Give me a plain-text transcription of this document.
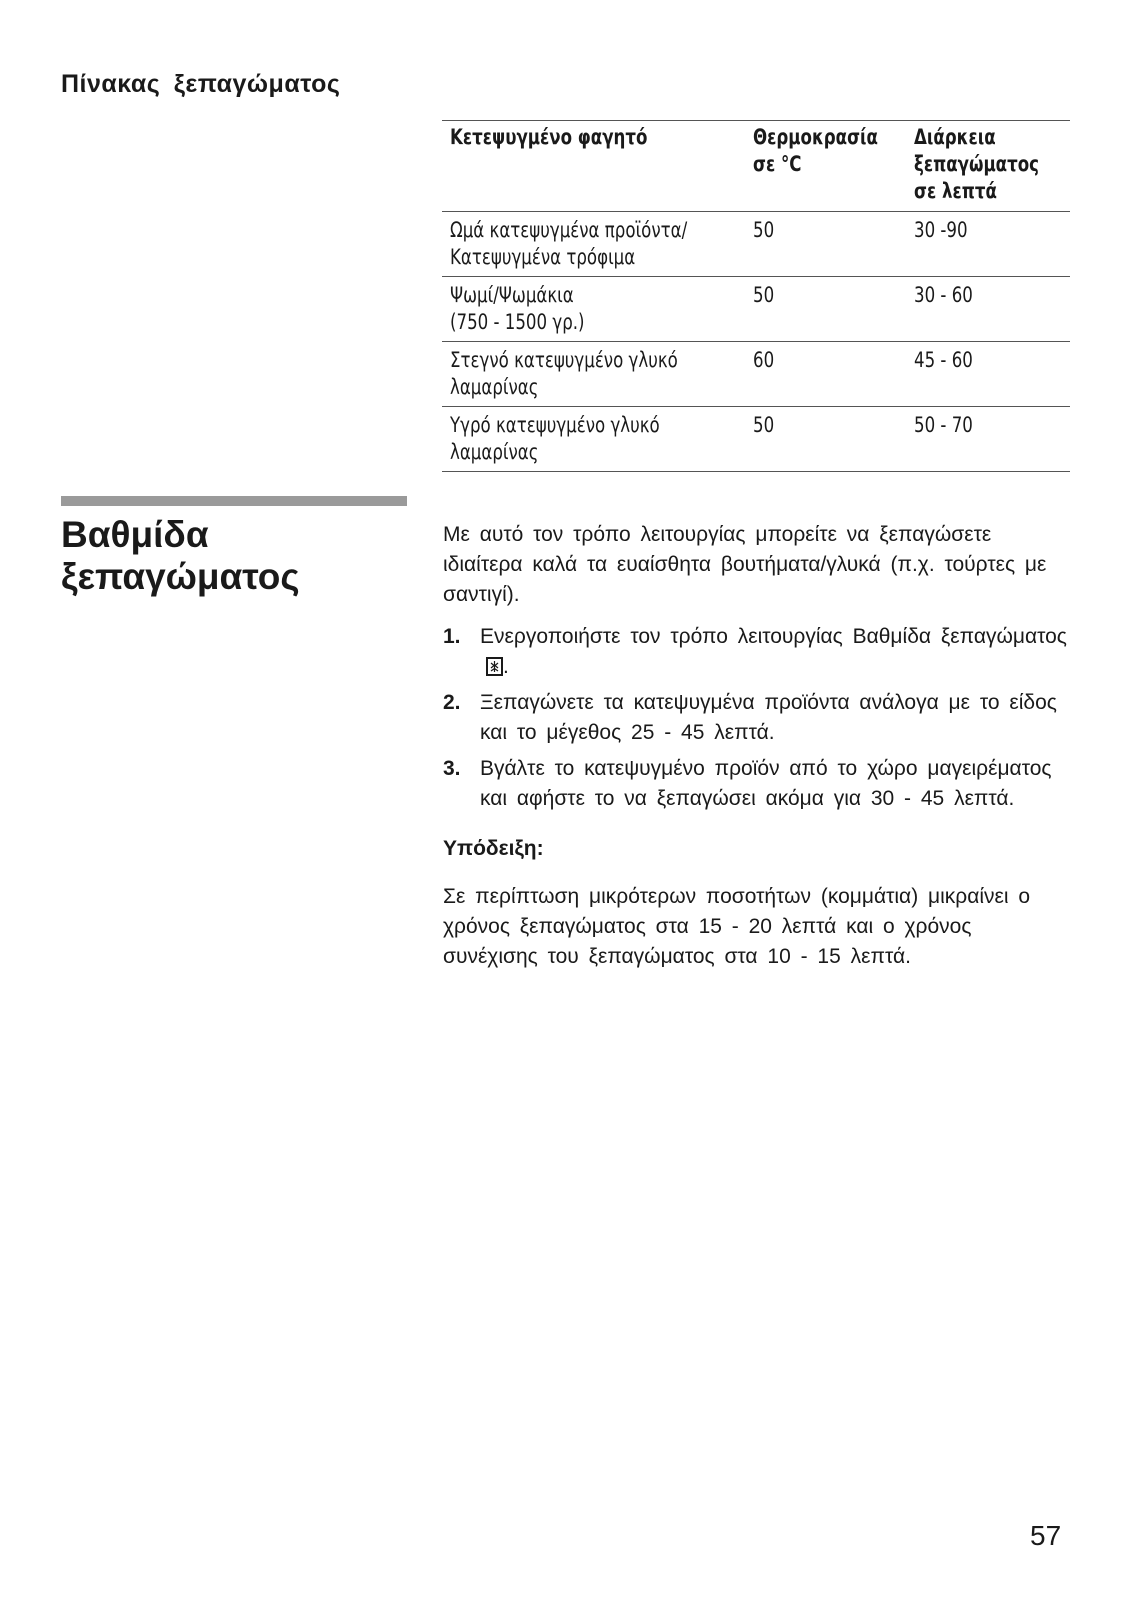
Πίνακας ξεπαγώματος
Κετεψυγμένο φαγητό	Θερμοκρασία σε °C	Διάρκεια ξεπαγώματος σε λεπτά
Ωμά κατεψυγμένα προϊόντα/ Κατεψυγμένα τρόφιμα	50	30 -90
Ψωμί/Ψωμάκια (750 - 1500 γρ.)	50	30 - 60
Στεγνό κατεψυγμένο γλυκό λαμαρίνας	60	45 - 60
Υγρό κατεψυγμένο γλυκό λαμαρίνας	50	50 - 70
Βαθμίδα
ξεπαγώματος

Με αυτό τον τρόπο λειτουργίας μπορείτε να ξεπαγώσετε ιδιαίτερα καλά τα ευαίσθητα βουτήματα/γλυκά (π.χ. τούρτες με σαντιγί).

1. Ενεργοποιήστε τον τρόπο λειτουργίας Βαθμίδα ξεπαγώματος
.
2. Ξεπαγώνετε τα κατεψυγμένα προϊόντα ανάλογα με το είδος και το μέγεθος 25 - 45 λεπτά.
3. Βγάλτε το κατεψυγμένο προϊόν από το χώρο μαγειρέματος και αφήστε το να ξεπαγώσει ακόμα για 30 - 45 λεπτά.

Υπόδειξη:

Σε περίπτωση μικρότερων ποσοτήτων (κομμάτια) μικραίνει ο χρόνος ξεπαγώματος στα 15 - 20 λεπτά και ο χρόνος συνέχισης του ξεπαγώματος στα 10 - 15 λεπτά.

57
